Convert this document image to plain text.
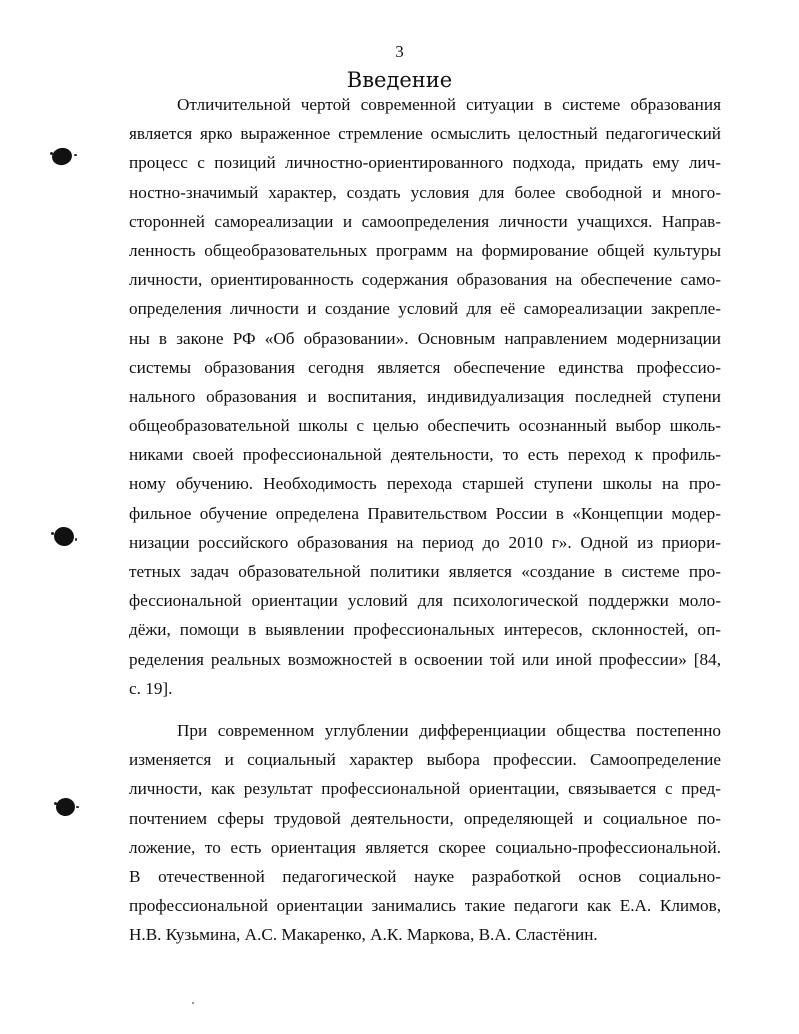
3
Введение
Отличительной чертой современной ситуации в системе образования
является ярко выраженное стремление осмыслить целостный педагогический
процесс с позиций личностно-ориентированного подхода, придать ему лич-
ностно-значимый характер, создать условия для более свободной и много-
сторонней самореализации и самоопределения личности учащихся. Направ-
ленность общеобразовательных программ на формирование общей культуры
личности, ориентированность содержания образования на обеспечение само-
определения личности и создание условий для её самореализации закрепле-
ны в законе РФ «Об образовании». Основным направлением модернизации
системы образования сегодня является обеспечение единства профессио-
нального образования и воспитания, индивидуализация последней ступени
общеобразовательной школы с целью обеспечить осознанный выбор школь-
никами своей профессиональной деятельности, то есть переход к профиль-
ному обучению. Необходимость перехода старшей ступени школы на про-
фильное обучение определена Правительством России в «Концепции модер-
низации российского образования на период до 2010 г». Одной из приори-
тетных задач образовательной политики является «создание в системе про-
фессиональной ориентации условий для психологической поддержки моло-
дёжи, помощи в выявлении профессиональных интересов, склонностей, оп-
ределения реальных возможностей в освоении той или иной профессии» [84,
с. 19].
При современном углублении дифференциации общества постепенно
изменяется и социальный характер выбора профессии. Самоопределение
личности, как результат профессиональной ориентации, связывается с пред-
почтением сферы трудовой деятельности, определяющей и социальное по-
ложение, то есть ориентация является скорее социально-профессиональной.
В отечественной педагогической науке разработкой основ социально-
профессиональной ориентации занимались такие педагоги как Е.А. Климов,
Н.В. Кузьмина, А.С. Макаренко, А.К. Маркова, В.А. Сластёнин.
